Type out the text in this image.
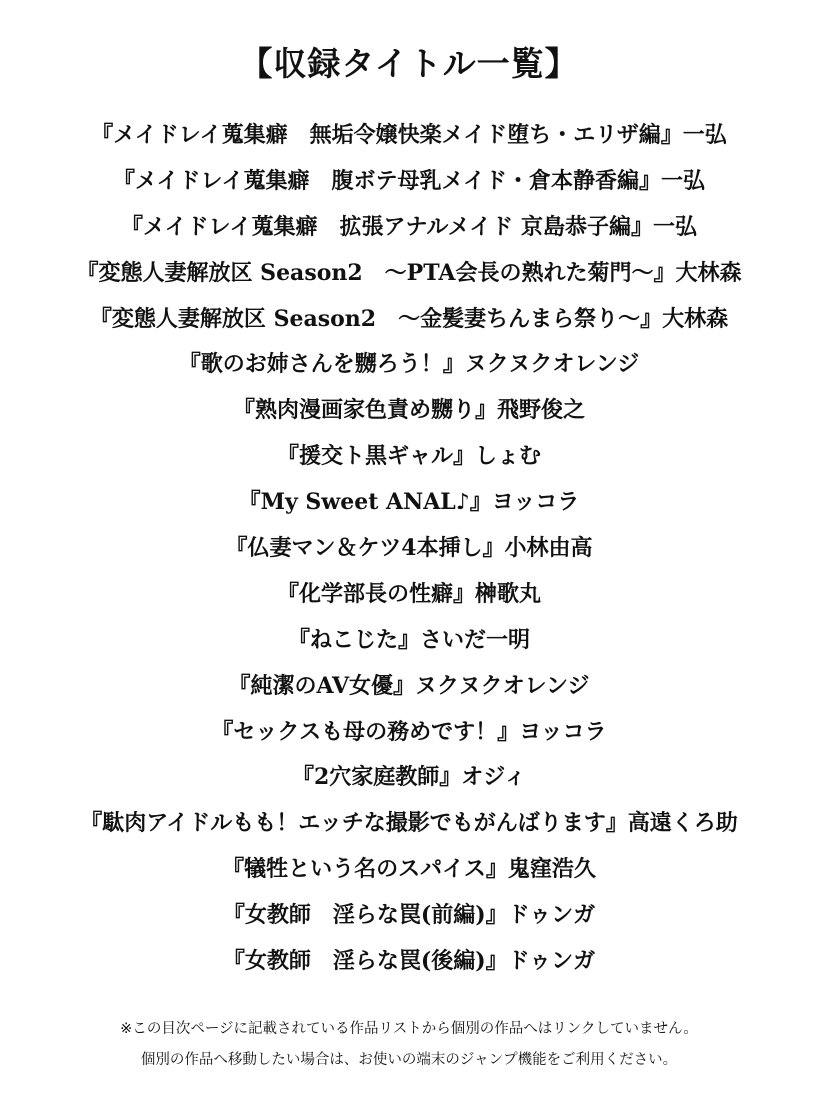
【収録タイトル一覧】
『メイドレイ蒐集癖　無垢令嬢快楽メイド堕ち・エリザ編』一弘
『メイドレイ蒐集癖　腹ボテ母乳メイド・倉本静香編』一弘
『メイドレイ蒐集癖　拡張アナルメイド 京島恭子編』一弘
『変態人妻解放区 Season2　～PTA会長の熟れた菊門～』大林森
『変態人妻解放区 Season2　～金髪妻ちんまら祭り～』大林森
『歌のお姉さんを嬲ろう！』ヌクヌクオレンジ
『熟肉漫画家色責め嬲り』飛野俊之
『援交ト黒ギャル』しょむ
『My Sweet ANAL♪』ヨッコラ
『仏妻マン＆ケツ4本挿し』小林由高
『化学部長の性癖』榊歌丸
『ねこじた』さいだ一明
『純潔のAV女優』ヌクヌクオレンジ
『セックスも母の務めです！』ヨッコラ
『2穴家庭教師』オジィ
『駄肉アイドルもも！エッチな撮影でもがんばります』高遠くろ助
『犠牲という名のスパイス』鬼窪浩久
『女教師　淫らな罠(前編)』ドゥンガ
『女教師　淫らな罠(後編)』ドゥンガ
※この目次ページに記載されている作品リストから個別の作品へはリンクしていません。
個別の作品へ移動したい場合は、お使いの端末のジャンプ機能をご利用ください。
